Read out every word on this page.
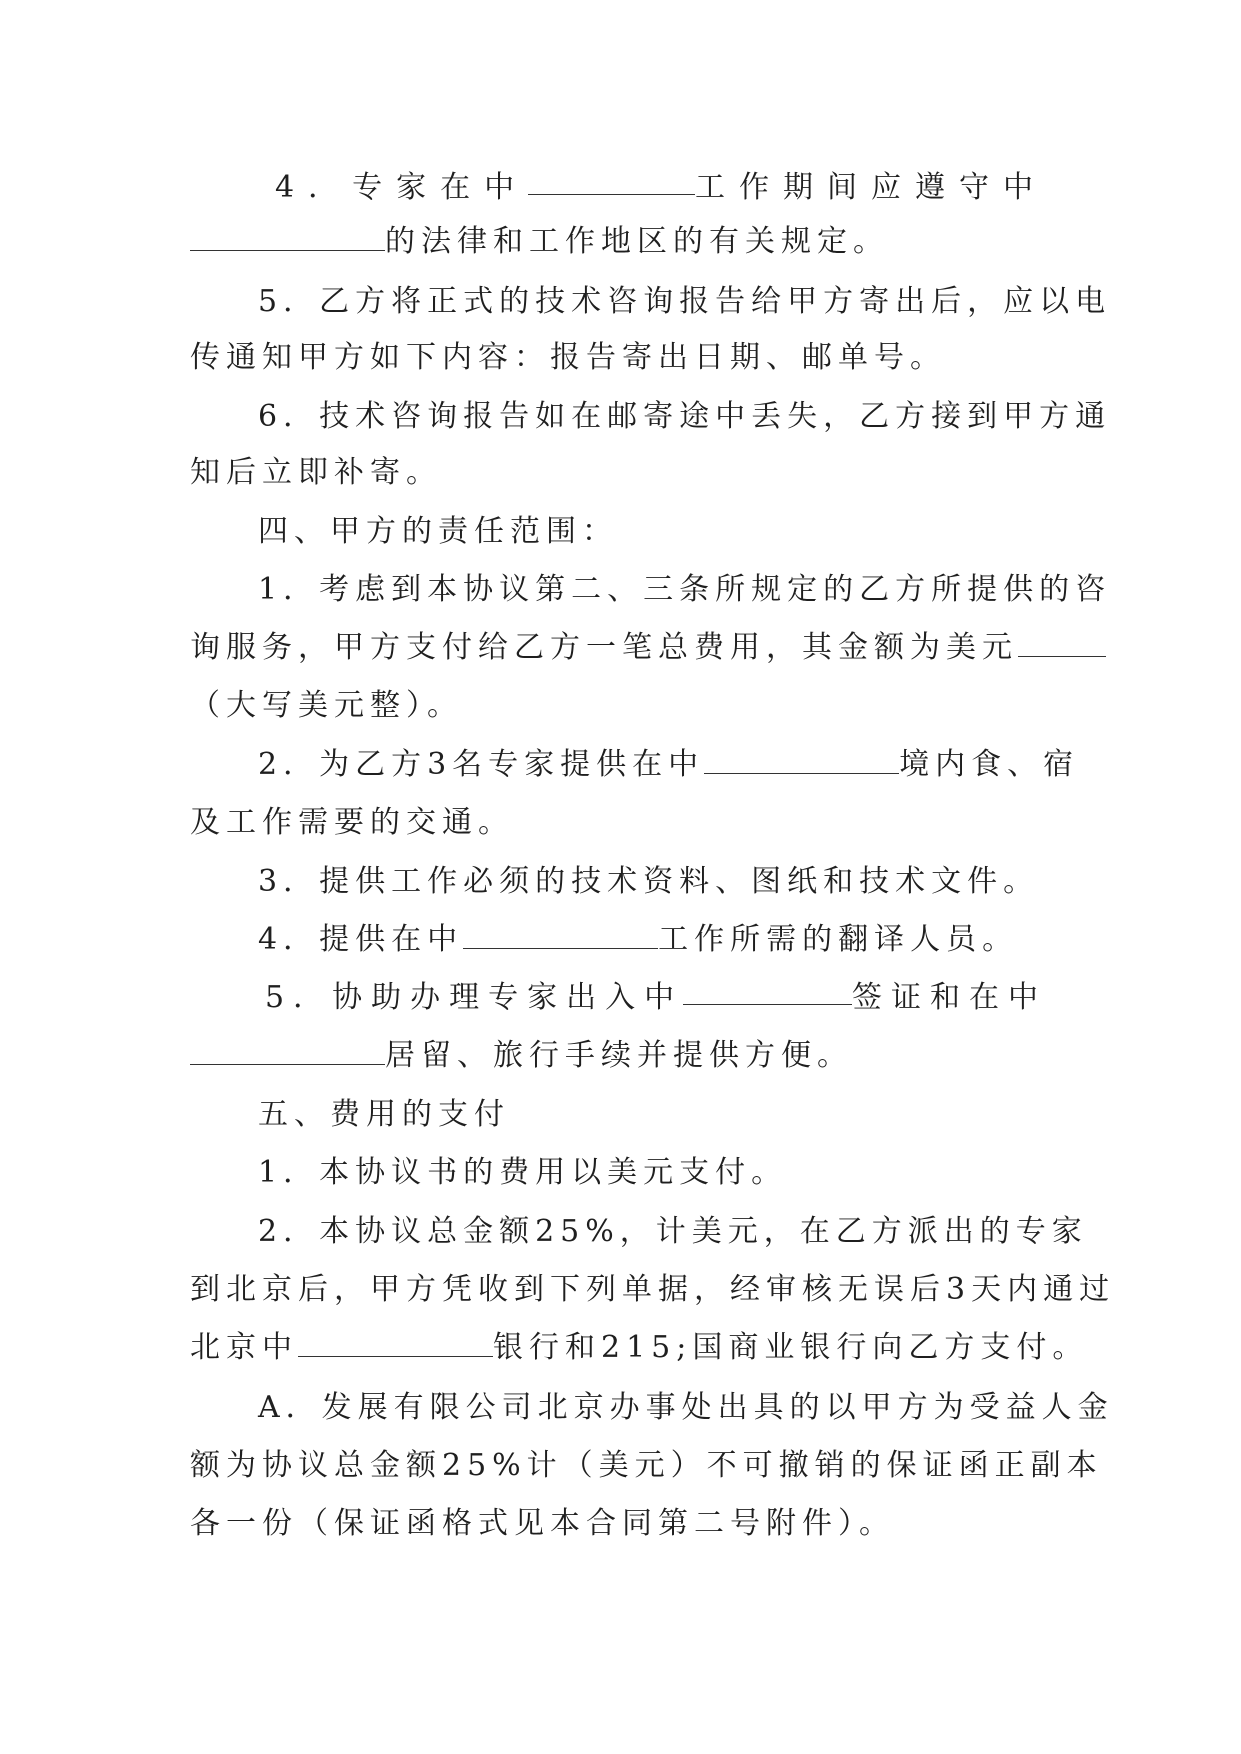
4．专家在中	工作期间应遵守中
的法律和工作地区的有关规定。
5．乙方将正式的技术咨询报告给甲方寄出后，应以电
传通知甲方如下内容：报告寄出日期、邮单号。
6．技术咨询报告如在邮寄途中丢失，乙方接到甲方通
知后立即补寄。
四、甲方的责任范围：
1．考虑到本协议第二、三条所规定的乙方所提供的咨
询服务，甲方支付给乙方一笔总费用，其金额为美元
（大写美元整）。
2．为乙方3名专家提供在中	境内食、宿
及工作需要的交通。
3．提供工作必须的技术资料、图纸和技术文件。
4．提供在中	工作所需的翻译人员。
5．协助办理专家出入中	签证和在中
居留、旅行手续并提供方便。
五、费用的支付
1．本协议书的费用以美元支付。
2．本协议总金额25%，计美元，在乙方派出的专家
到北京后，甲方凭收到下列单据，经审核无误后3天内通过
北京中	银行和215;国商业银行向乙方支付。
A．发展有限公司北京办事处出具的以甲方为受益人金
额为协议总金额25%计（美元）不可撤销的保证函正副本
各一份（保证函格式见本合同第二号附件）。
